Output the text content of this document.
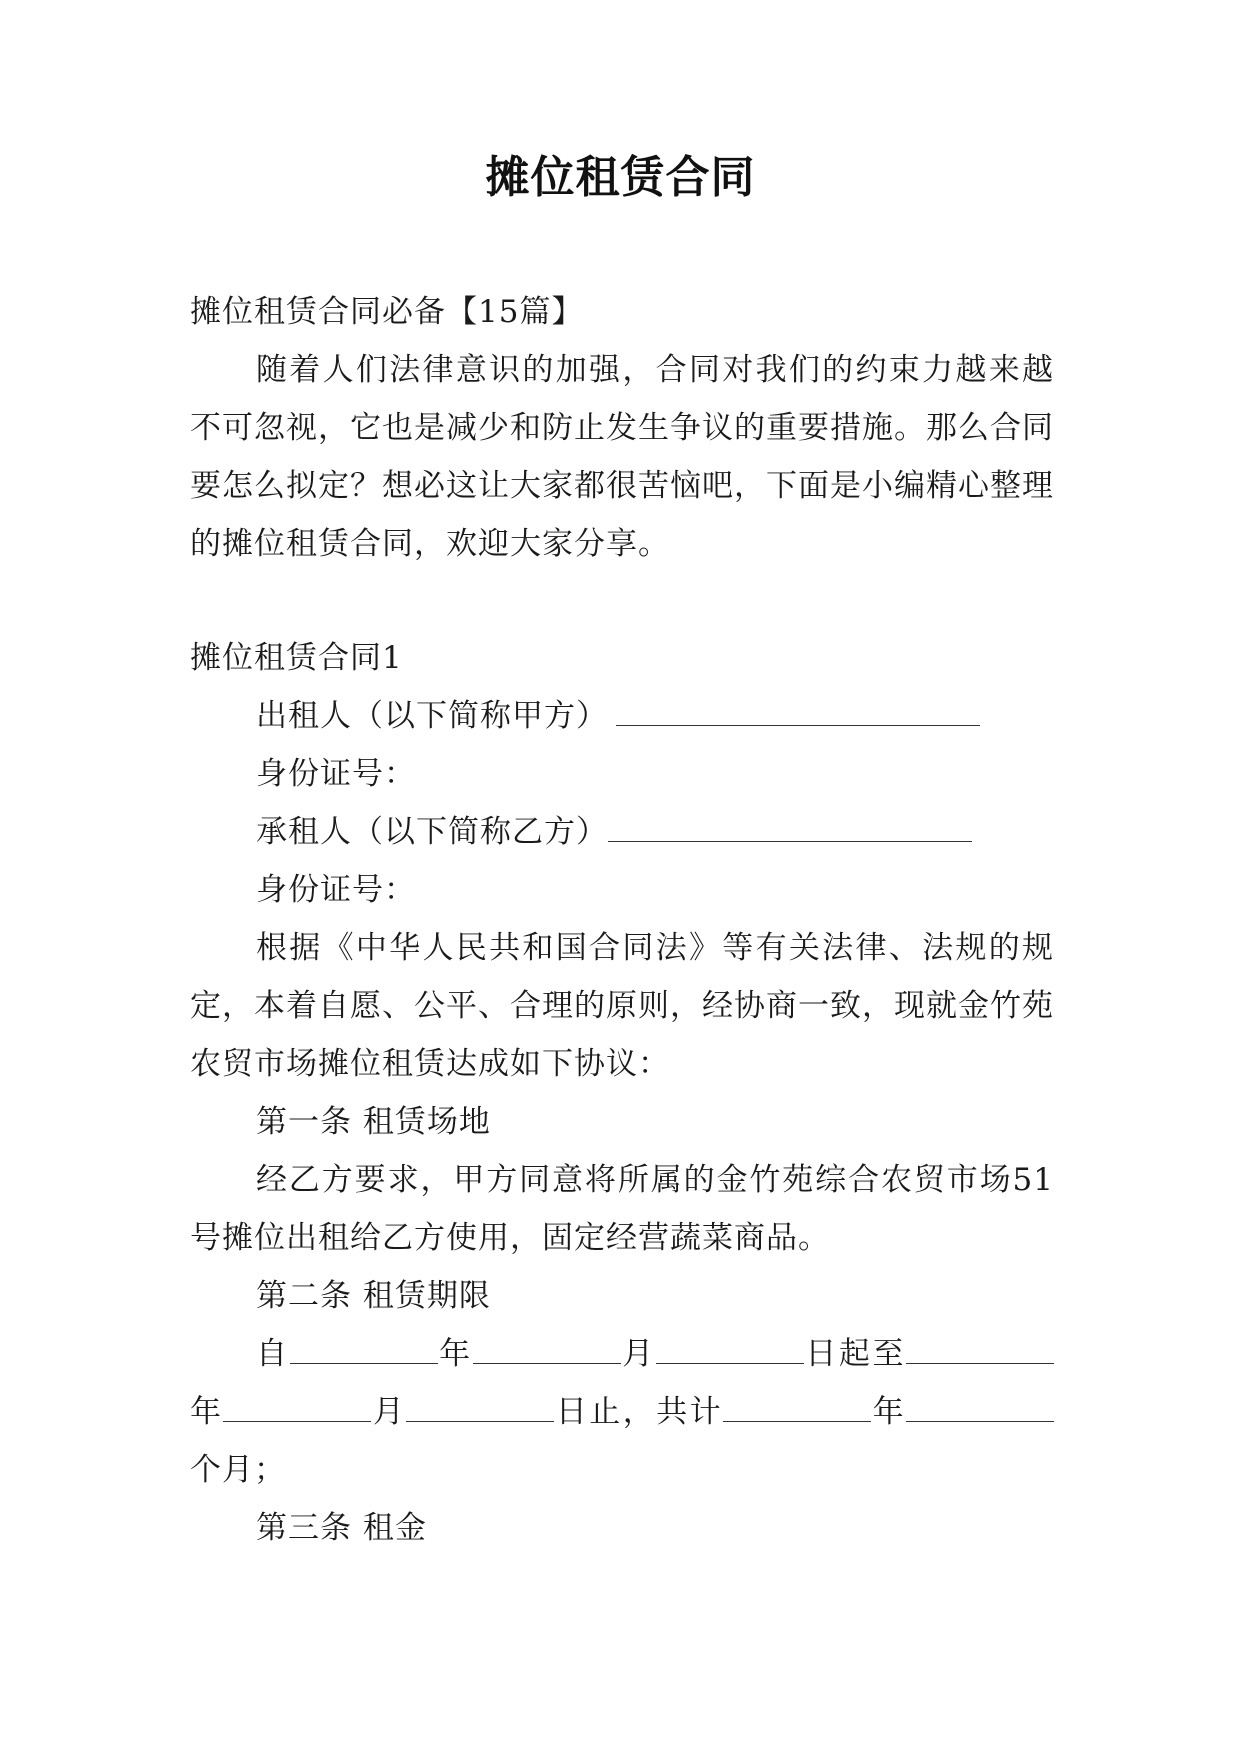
摊位租赁合同

摊位租赁合同必备【15篇】

随着人们法律意识的加强，合同对我们的约束力越来越不可忽视，它也是减少和防止发生争议的重要措施。那么合同要怎么拟定？想必这让大家都很苦恼吧，下面是小编精心整理的摊位租赁合同，欢迎大家分享。

摊位租赁合同1

出租人（以下简称甲方）

身份证号：

承租人（以下简称乙方）

身份证号：

根据《中华人民共和国合同法》等有关法律、法规的规定，本着自愿、公平、合理的原则，经协商一致，现就金竹苑农贸市场摊位租赁达成如下协议：

第一条 租赁场地

经乙方要求，甲方同意将所属的金竹苑综合农贸市场51号摊位出租给乙方使用，固定经营蔬菜商品。

第二条 租赁期限

自	年	月	日起至年	月	日止，共计	年个月；

第三条 租金
